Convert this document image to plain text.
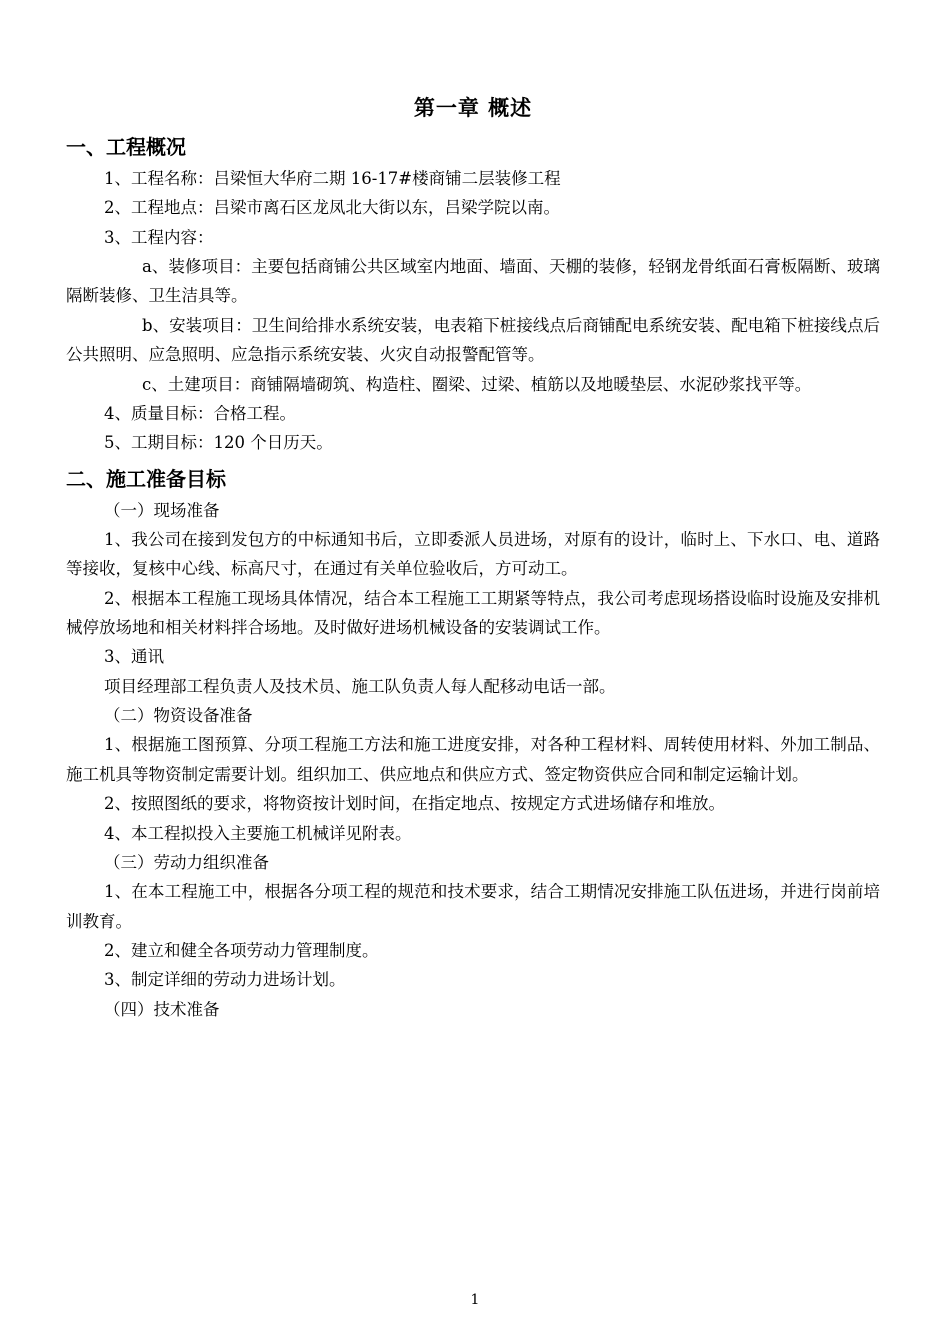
第一章 概述
一、工程概况

1、工程名称：吕梁恒大华府二期 16-17#楼商铺二层装修工程

2、工程地点：吕梁市离石区龙凤北大街以东，吕梁学院以南。

3、工程内容：

a、装修项目：主要包括商铺公共区域室内地面、墙面、天棚的装修，轻钢龙骨纸面石膏板隔断、玻璃隔断装修、卫生洁具等。

b、安装项目：卫生间给排水系统安装，电表箱下桩接线点后商铺配电系统安装、配电箱下桩接线点后公共照明、应急照明、应急指示系统安装、火灾自动报警配管等。

c、土建项目：商铺隔墙砌筑、构造柱、圈梁、过梁、植筋以及地暖垫层、水泥砂浆找平等。

4、质量目标：合格工程。

5、工期目标：120 个日历天。

二、施工准备目标

（一）现场准备

1、我公司在接到发包方的中标通知书后，立即委派人员进场，对原有的设计，临时上、下水口、电、道路等接收，复核中心线、标高尺寸，在通过有关单位验收后，方可动工。

2、根据本工程施工现场具体情况，结合本工程施工工期紧等特点，我公司考虑现场搭设临时设施及安排机械停放场地和相关材料拌合场地。及时做好进场机械设备的安装调试工作。

3、通讯

项目经理部工程负责人及技术员、施工队负责人每人配移动电话一部。

（二）物资设备准备

1、根据施工图预算、分项工程施工方法和施工进度安排，对各种工程材料、周转使用材料、外加工制品、施工机具等物资制定需要计划。组织加工、供应地点和供应方式、签定物资供应合同和制定运输计划。

2、按照图纸的要求，将物资按计划时间，在指定地点、按规定方式进场储存和堆放。

4、本工程拟投入主要施工机械详见附表。

（三）劳动力组织准备

1、在本工程施工中，根据各分项工程的规范和技术要求，结合工期情况安排施工队伍进场，并进行岗前培训教育。

2、建立和健全各项劳动力管理制度。

3、制定详细的劳动力进场计划。

（四）技术准备

1
